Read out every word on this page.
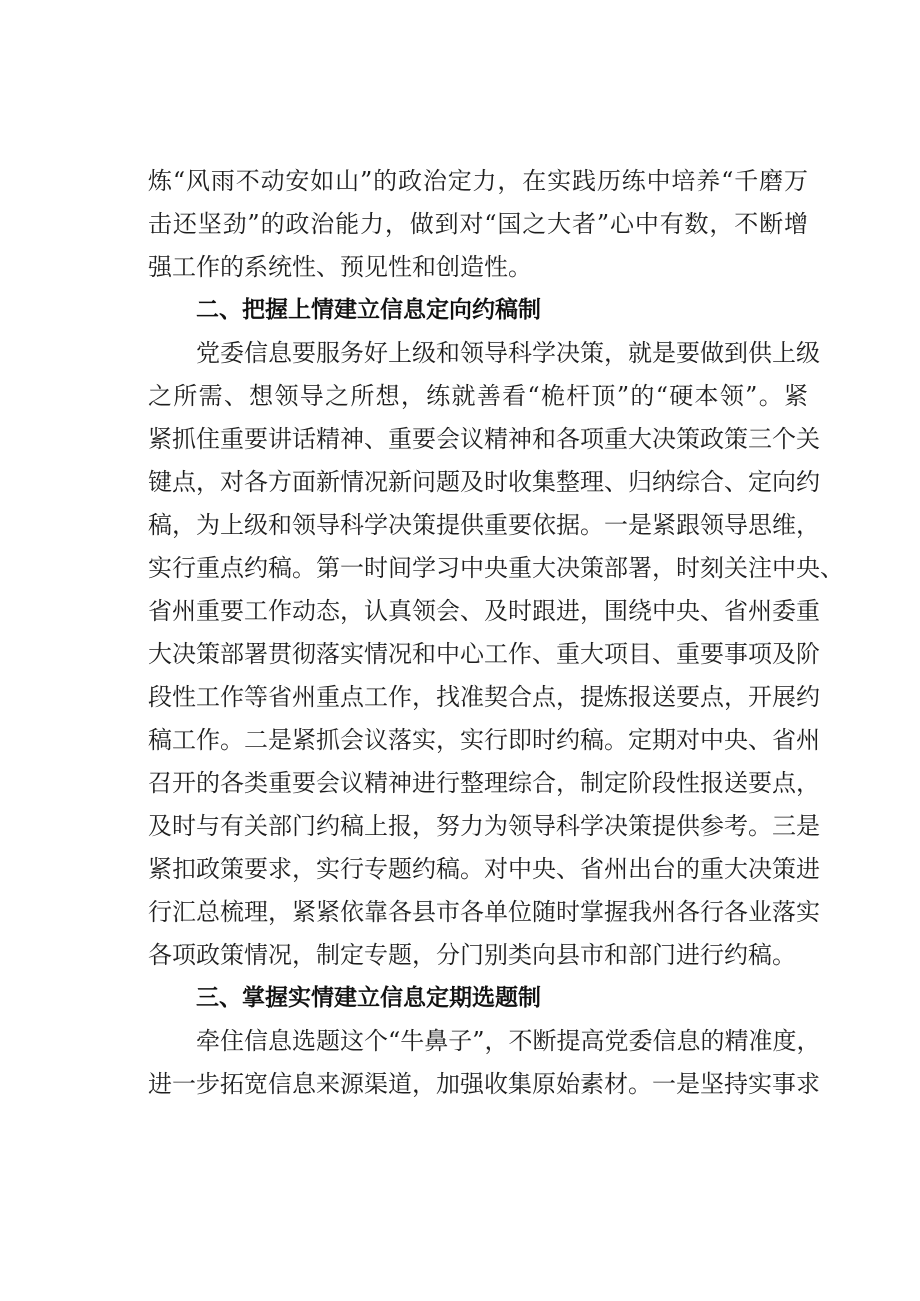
炼“风雨不动安如山”的政治定力，在实践历练中培养“千磨万
击还坚劲”的政治能力，做到对“国之大者”心中有数，不断增
强工作的系统性、预见性和创造性。
二、把握上情建立信息定向约稿制
党委信息要服务好上级和领导科学决策，就是要做到供上级
之所需、想领导之所想，练就善看“桅杆顶”的“硬本领”。紧
紧抓住重要讲话精神、重要会议精神和各项重大决策政策三个关
键点，对各方面新情况新问题及时收集整理、归纳综合、定向约
稿，为上级和领导科学决策提供重要依据。一是紧跟领导思维，
实行重点约稿。第一时间学习中央重大决策部署，时刻关注中央、
省州重要工作动态，认真领会、及时跟进，围绕中央、省州委重
大决策部署贯彻落实情况和中心工作、重大项目、重要事项及阶
段性工作等省州重点工作，找准契合点，提炼报送要点，开展约
稿工作。二是紧抓会议落实，实行即时约稿。定期对中央、省州
召开的各类重要会议精神进行整理综合，制定阶段性报送要点，
及时与有关部门约稿上报，努力为领导科学决策提供参考。三是
紧扣政策要求，实行专题约稿。对中央、省州出台的重大决策进
行汇总梳理，紧紧依靠各县市各单位随时掌握我州各行各业落实
各项政策情况，制定专题，分门别类向县市和部门进行约稿。
三、掌握实情建立信息定期选题制
牵住信息选题这个“牛鼻子”，不断提高党委信息的精准度，
进一步拓宽信息来源渠道，加强收集原始素材。一是坚持实事求
